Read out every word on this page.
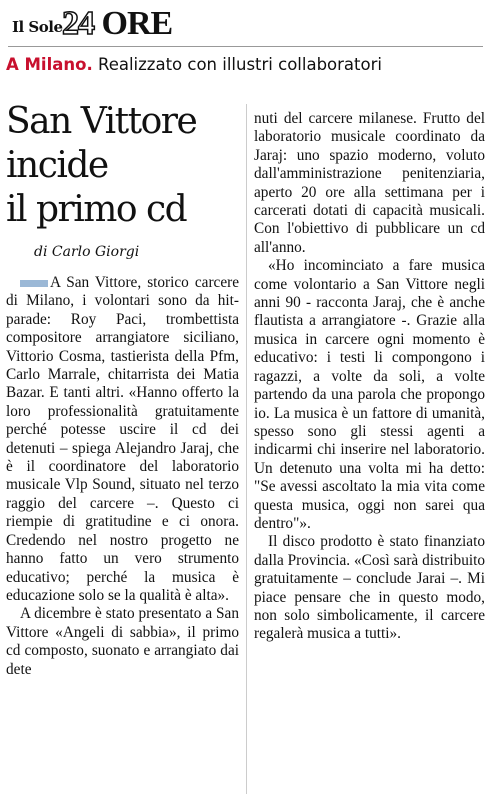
Il Sole 24 ORE
A Milano. Realizzato con illustri collaboratori
San Vittore
incide
il primo cd
di Carlo Giorgi

A San Vittore, storico carcere di Milano, i volontari sono da hit-parade: Roy Paci, trombettista compositore arrangiatore siciliano, Vittorio Cosma, tastierista della Pfm, Carlo Marrale, chitarrista dei Matia Bazar. E tanti altri. «Hanno offerto la loro professionalità gratuitamente perché potesse uscire il cd dei detenuti – spiega Alejandro Jaraj, che è il coordinatore del laboratorio musicale Vlp Sound, situato nel terzo raggio del carcere –. Questo ci riempie di gratitudine e ci onora. Credendo nel nostro progetto ne hanno fatto un vero strumento educativo; perché la musica è educazione solo se la qualità è alta».

A dicembre è stato presentato a San Vittore «Angeli di sabbia», il primo cd composto, suonato e arrangiato dai dete

nuti del carcere milanese. Frutto del laboratorio musicale coordinato da Jaraj: uno spazio moderno, voluto dall'amministrazione penitenziaria, aperto 20 ore alla settimana per i carcerati dotati di capacità musicali. Con l'obiettivo di pubblicare un cd all'anno.

«Ho incominciato a fare musica come volontario a San Vittore negli anni 90 - racconta Jaraj, che è anche flautista a arrangiatore -. Grazie alla musica in carcere ogni momento è educativo: i testi li compongono i ragazzi, a volte da soli, a volte partendo da una parola che propongo io. La musica è un fattore di umanità, spesso sono gli stessi agenti a indicarmi chi inserire nel laboratorio. Un detenuto una volta mi ha detto: "Se avessi ascoltato la mia vita come questa musica, oggi non sarei qua dentro"».

Il disco prodotto è stato finanziato dalla Provincia. «Così sarà distribuito gratuitamente – conclude Jarai –. Mi piace pensare che in questo modo, non solo simbolicamente, il carcere regalerà musica a tutti».
